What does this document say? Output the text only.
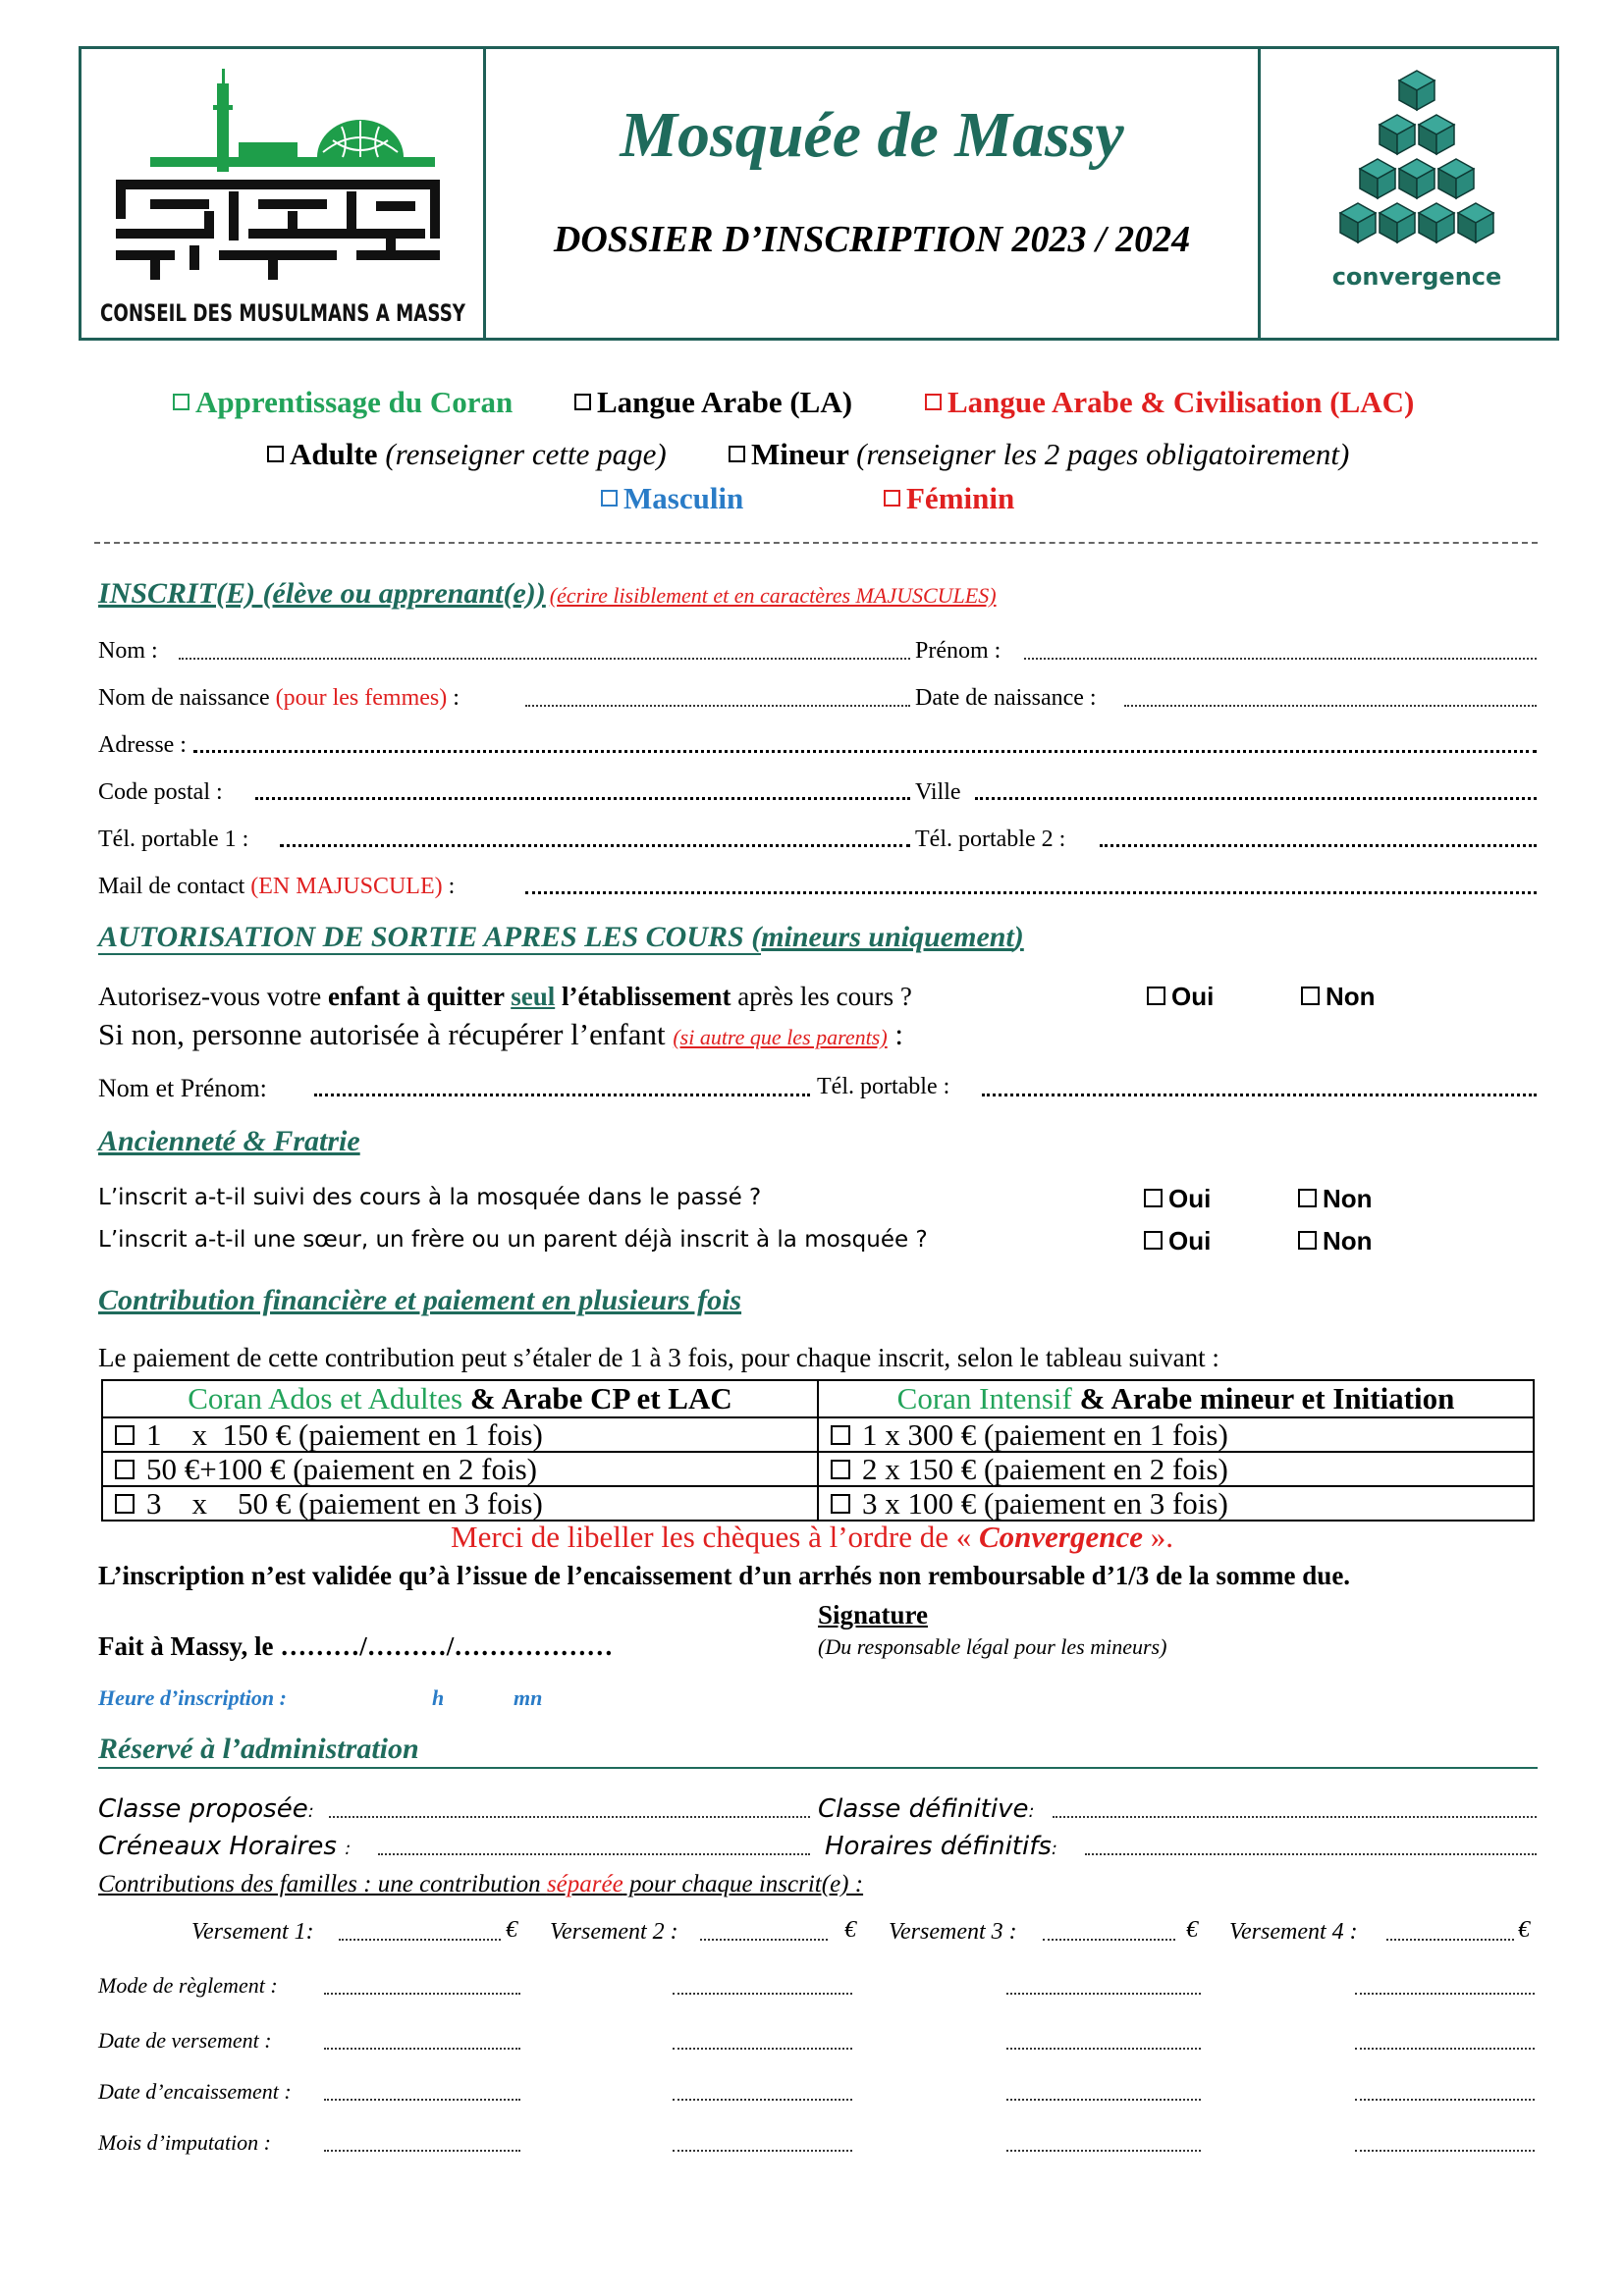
CONSEIL DES MUSULMANS A MASSY
Mosquée de Massy
DOSSIER D’INSCRIPTION 2023 / 2024
convergence
Apprentissage du Coran	Langue Arabe (LA)	Langue Arabe & Civilisation (LAC)
Adulte (renseigner cette page)	Mineur (renseigner les 2 pages obligatoirement)
Masculin	Féminin
INSCRIT(E) (élève ou apprenant(e)) (écrire lisiblement et en caractères MAJUSCULES)
Nom :	Prénom :
Nom de naissance (pour les femmes) :	Date de naissance :
Adresse :
Code postal :	Ville
Tél. portable 1 :	Tél. portable 2 :
Mail de contact (EN MAJUSCULE) :
AUTORISATION DE SORTIE APRES LES COURS (mineurs uniquement)
Autorisez-vous votre enfant à quitter seul l’établissement après les cours ?	Oui	Non
Si non, personne autorisée à récupérer l’enfant (si autre que les parents) :
Nom et Prénom:	Tél. portable :
Ancienneté & Fratrie
L’inscrit a-t-il suivi des cours à la mosquée dans le passé ?	Oui	Non
L’inscrit a-t-il une sœur, un frère ou un parent déjà inscrit à la mosquée ?	Oui	Non
Contribution financière et paiement en plusieurs fois
Le paiement de cette contribution peut s’étaler de 1 à 3 fois, pour chaque inscrit, selon le tableau suivant :
Coran Ados et Adultes & Arabe CP et LAC	Coran Intensif & Arabe mineur et Initiation
1    x  150 € (paiement en 1 fois)	1 x 300 € (paiement en 1 fois)
50 €+100 € (paiement en 2 fois)	2 x 150 € (paiement en 2 fois)
3    x    50 € (paiement en 3 fois)	3 x 100 € (paiement en 3 fois)
Merci de libeller les chèques à l’ordre de « Convergence ».
L’inscription n’est validée qu’à l’issue de l’encaissement d’un arrhés non remboursable d’1/3 de la somme due.
Signature
(Du responsable légal pour les mineurs)
Fait à Massy, le ………/………/………………
Heure d’inscription :	h	mn
Réservé à l’administration
Classe proposée:	Classe définitive:
Créneaux Horaires :	Horaires définitifs:
Contributions des familles : une contribution séparée pour chaque inscrit(e) :
Versement 1:	€ Versement 2 :	€ Versement 3 :	€ Versement 4 :	€
Mode de règlement :
Date de versement :
Date d’encaissement :
Mois d’imputation :
